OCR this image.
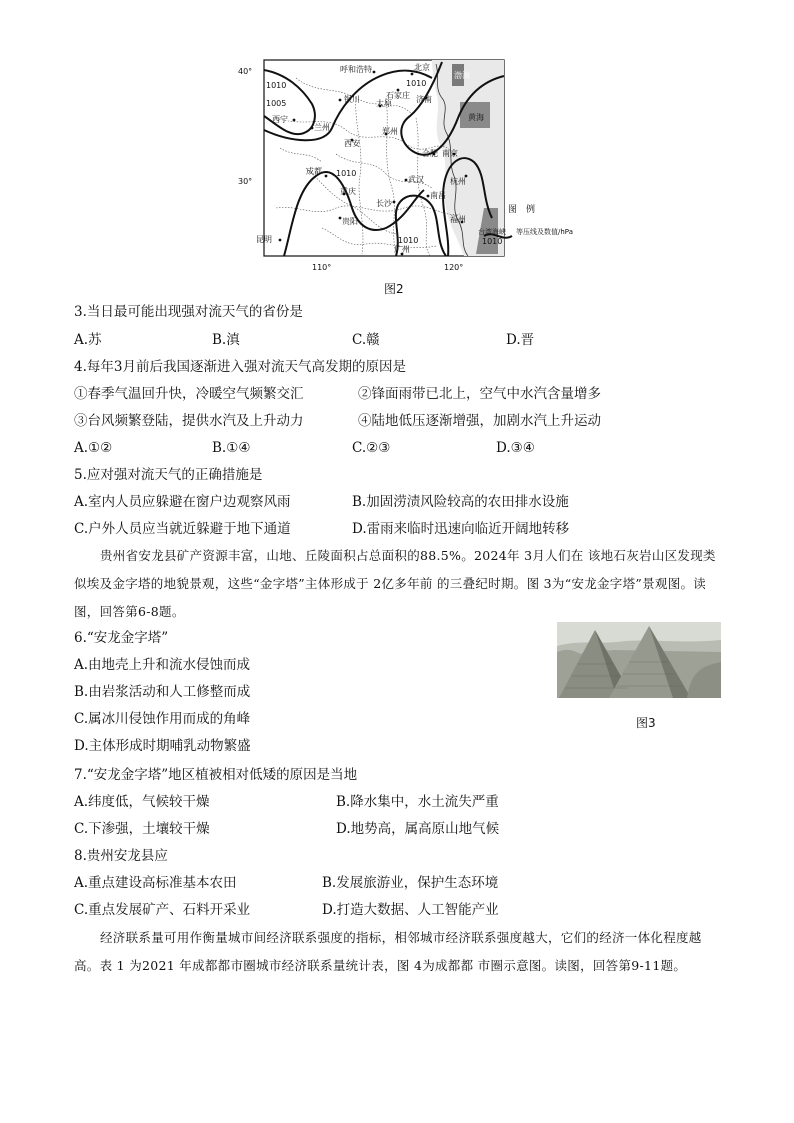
1005
1010	1010
1010
1010
呼和浩特	北京
石家庄
银川 太原	济南
西宁
兰州	郑州
西安
合肥 南京
成都
武汉	杭州
重庆
长沙
南昌
贵阳	福州
昆明
广州
渤海
黄海
台湾海峡
40°
30°
110°	120°
图　例
1010
等压线及数值/hPa
图2
3.当日最可能出现强对流天气的省份是
A.苏	B.滇	C.赣	D.晋
4.每年3月前后我国逐渐进入强对流天气高发期的原因是
①春季气温回升快，冷暖空气频繁交汇	②锋面雨带已北上，空气中水汽含量增多
③台风频繁登陆，提供水汽及上升动力	④陆地低压逐渐增强，加剧水汽上升运动
A.①②	B.①④	C.②③	D.③④
5.应对强对流天气的正确措施是
A.室内人员应躲避在窗户边观察风雨	B.加固涝渍风险较高的农田排水设施
C.户外人员应当就近躲避于地下通道	D.雷雨来临时迅速向临近开阔地转移
贵州省安龙县矿产资源丰富，山地、丘陵面积占总面积的88.5%。2024年 3月人们在 该地石灰岩山区发现类似埃及金字塔的地貌景观，这些“金字塔”主体形成于 2亿多年前 的三叠纪时期。图 3为“安龙金字塔”景观图。读图，回答第6-8题。
图3
6.“安龙金字塔”
A.由地壳上升和流水侵蚀而成
B.由岩浆活动和人工修整而成
C.属冰川侵蚀作用而成的角峰
D.主体形成时期哺乳动物繁盛
7.“安龙金字塔”地区植被相对低矮的原因是当地
A.纬度低，气候较干燥	B.降水集中，水土流失严重
C.下渗强，土壤较干燥	D.地势高，属高原山地气候
8.贵州安龙县应
A.重点建设高标准基本农田	B.发展旅游业，保护生态环境
C.重点发展矿产、石料开采业	D.打造大数据、人工智能产业
经济联系量可用作衡量城市间经济联系强度的指标，相邻城市经济联系强度越大，它们的经济一体化程度越高。表 1 为2021 年成都都市圈城市经济联系量统计表，图 4为成都都 市圈示意图。读图，回答第9-11题。
